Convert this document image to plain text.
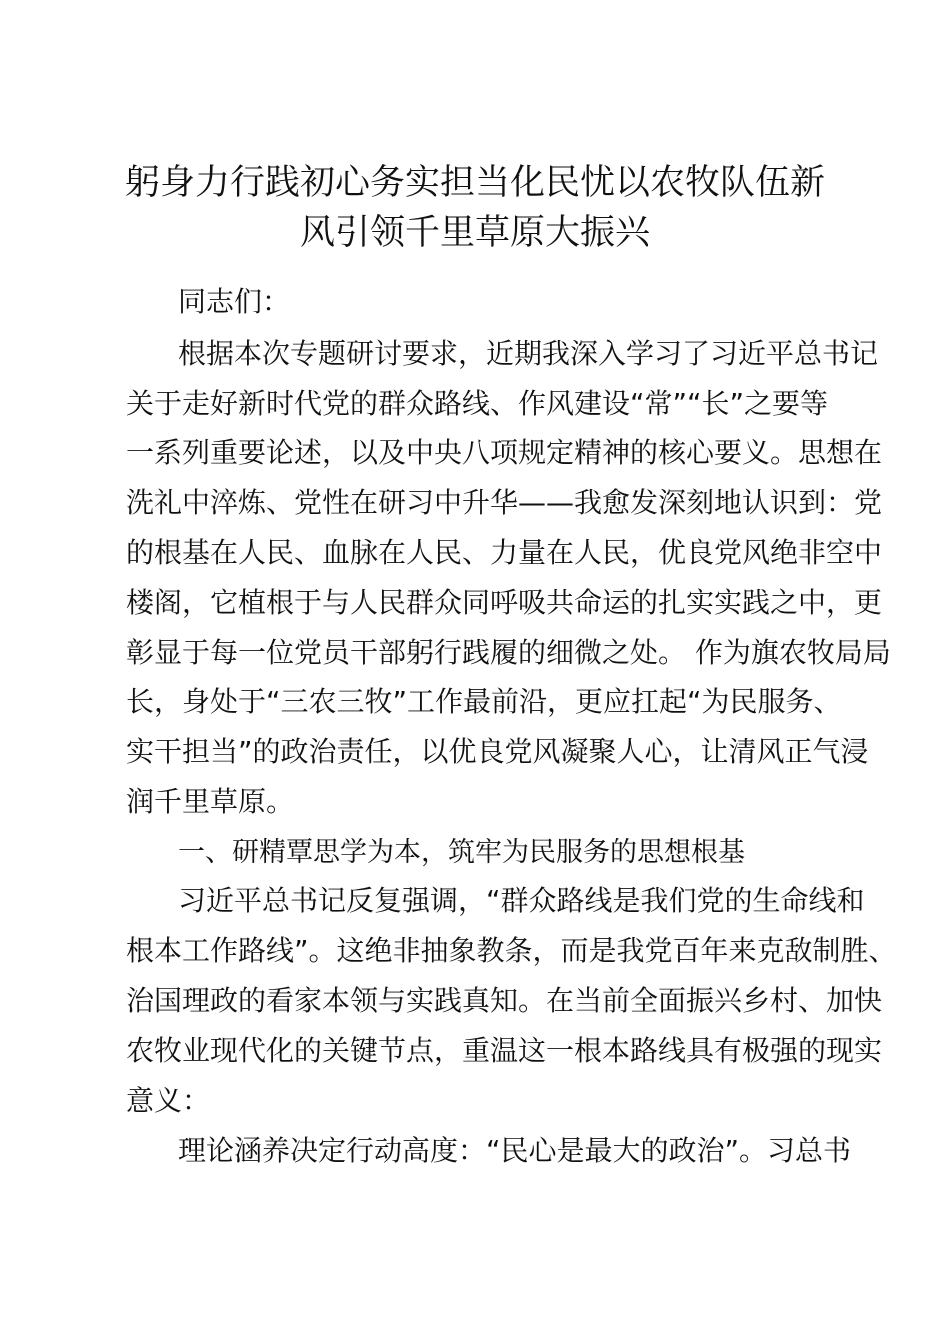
躬身力行践初心务实担当化民忧以农牧队伍新
风引领千里草原大振兴
同志们：
根据本次专题研讨要求，近期我深入学习了习近平总书记
关于走好新时代党的群众路线、作风建设“常”“长”之要等
一系列重要论述，以及中央八项规定精神的核心要义。思想在
洗礼中淬炼、党性在研习中升华——我愈发深刻地认识到：党
的根基在人民、血脉在人民、力量在人民，优良党风绝非空中
楼阁，它植根于与人民群众同呼吸共命运的扎实实践之中，更
彰显于每一位党员干部躬行践履的细微之处。 作为旗农牧局局
长，身处于“三农三牧”工作最前沿，更应扛起“为民服务、
实干担当”的政治责任，以优良党风凝聚人心，让清风正气浸
润千里草原。
一、研精覃思学为本，筑牢为民服务的思想根基
习近平总书记反复强调，“群众路线是我们党的生命线和
根本工作路线”。这绝非抽象教条，而是我党百年来克敌制胜、
治国理政的看家本领与实践真知。在当前全面振兴乡村、加快
农牧业现代化的关键节点，重温这一根本路线具有极强的现实
意义：
理论涵养决定行动高度：“民心是最大的政治”。习总书
